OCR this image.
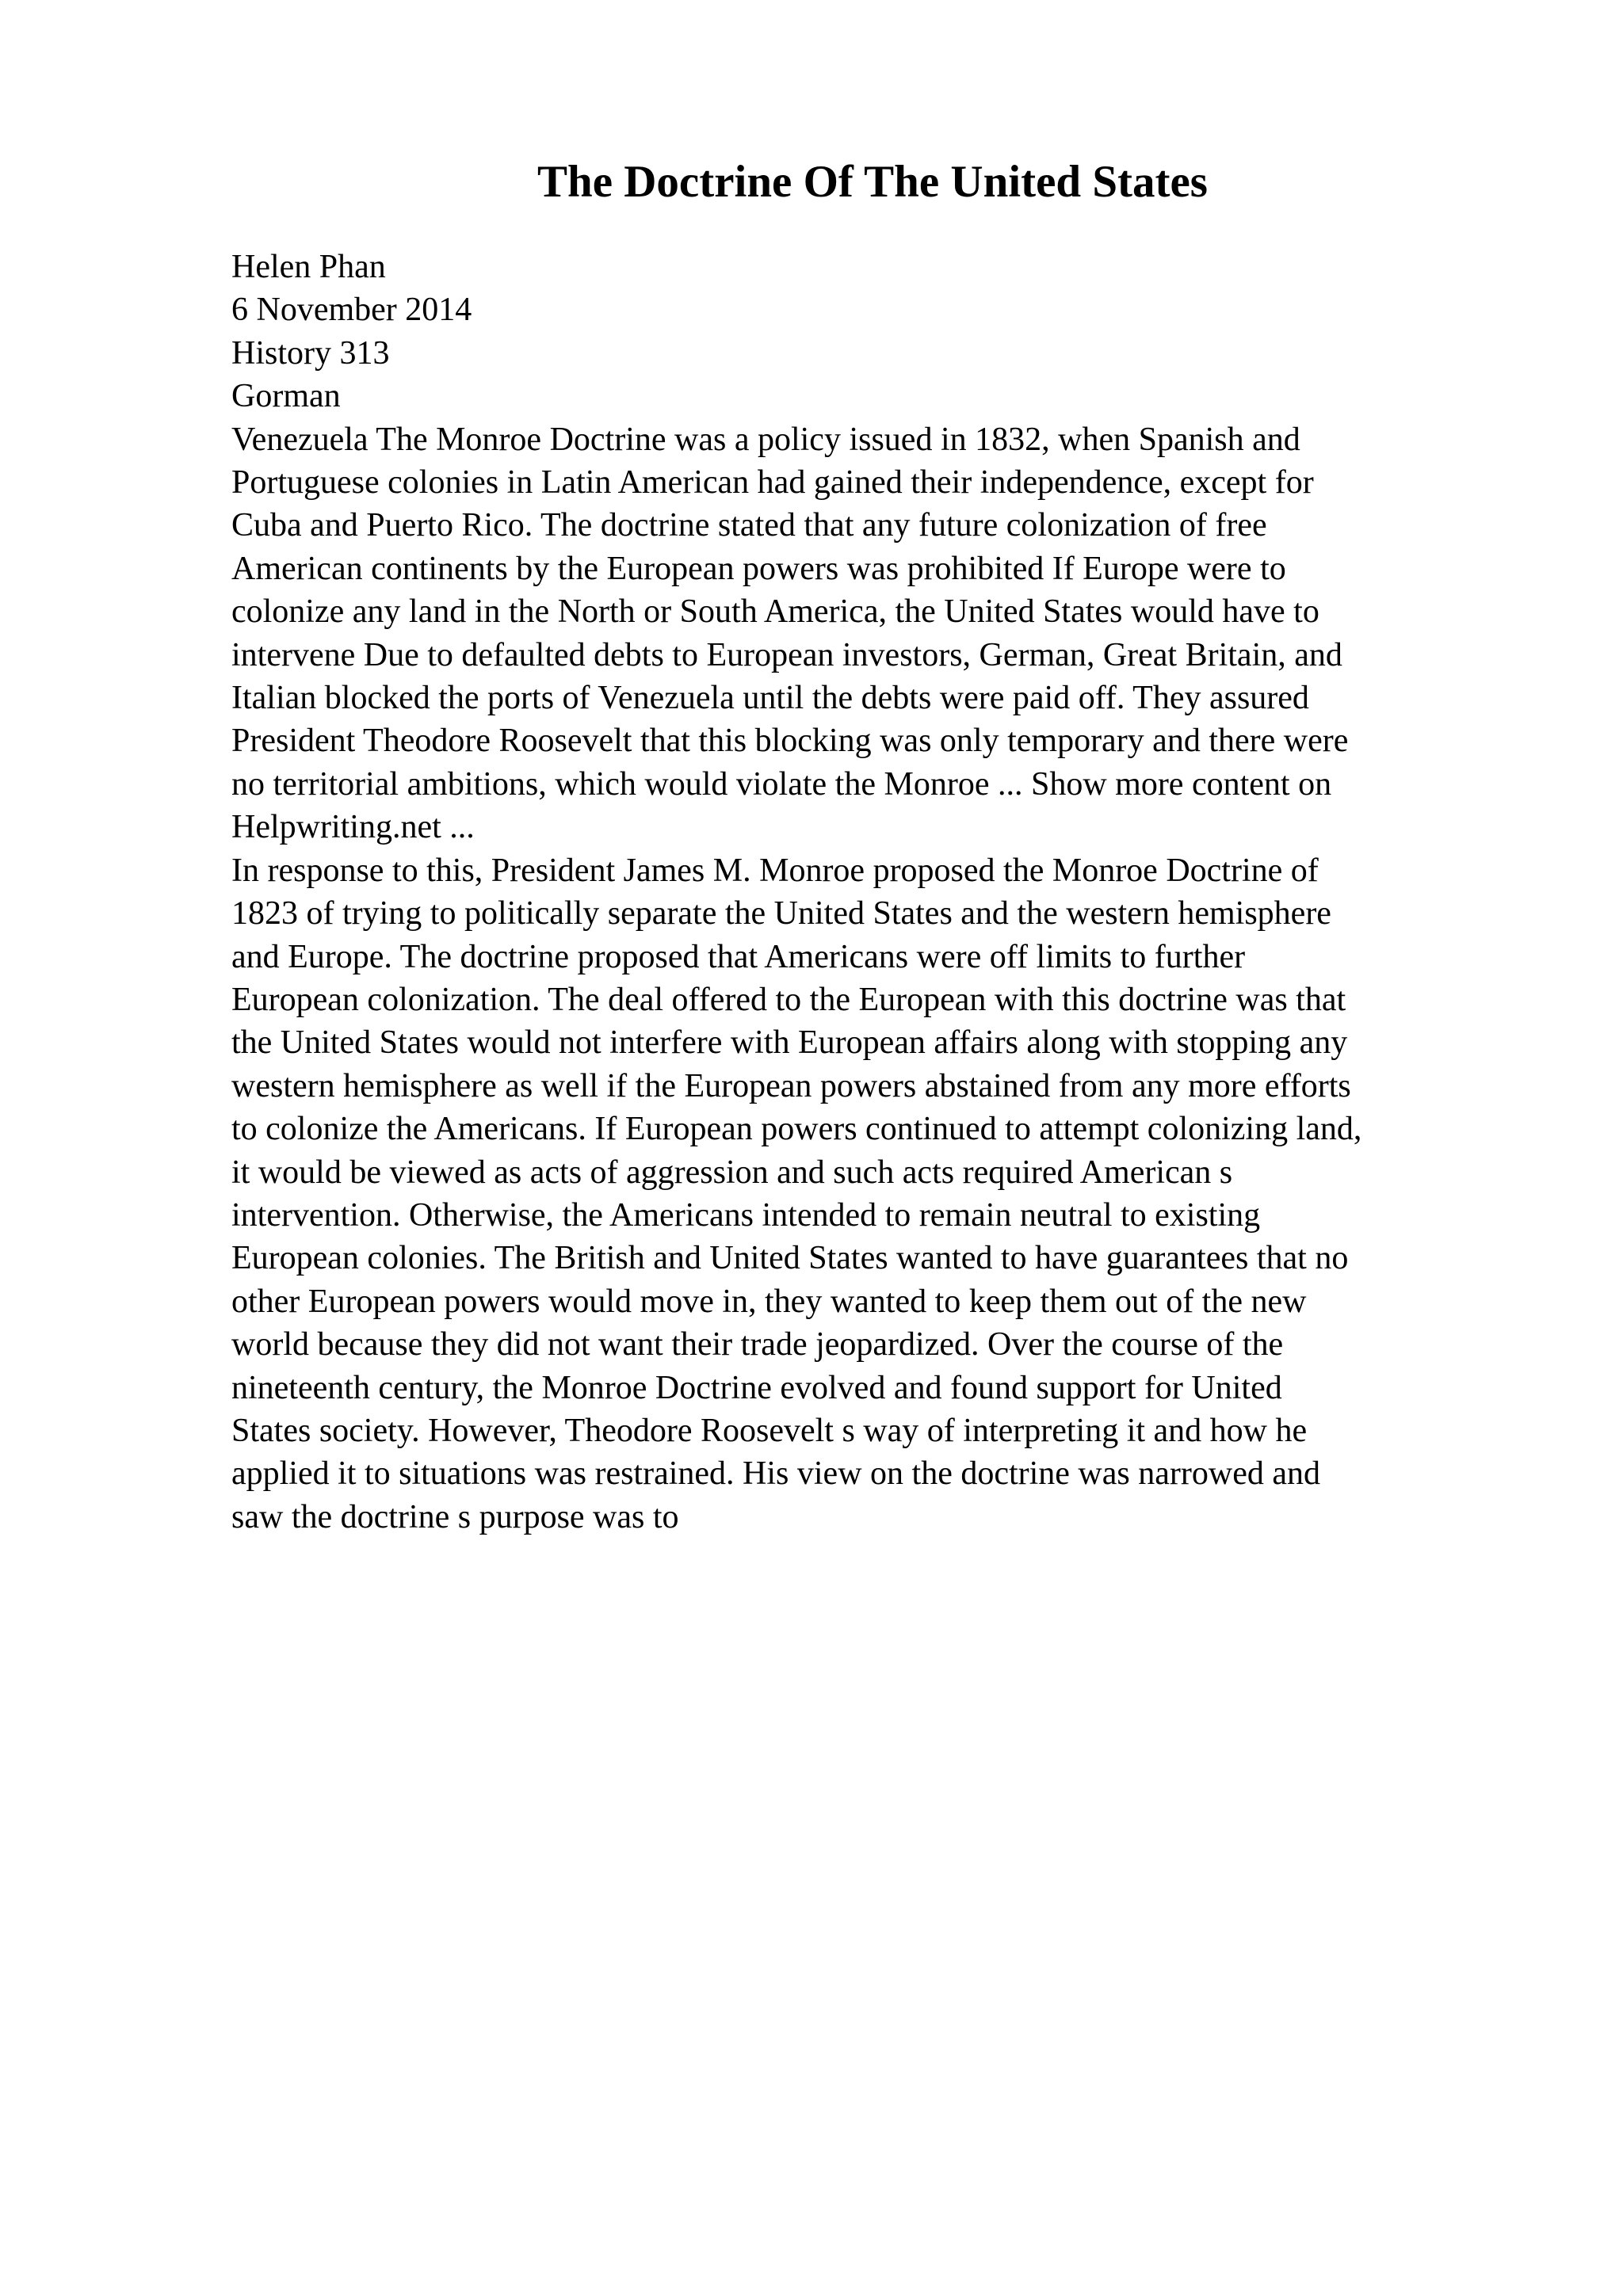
The Doctrine Of The United States
Helen Phan
6 November 2014
History 313
Gorman
Venezuela The Monroe Doctrine was a policy issued in 1832, when Spanish and
Portuguese colonies in Latin American had gained their independence, except for
Cuba and Puerto Rico. The doctrine stated that any future colonization of free
American continents by the European powers was prohibited If Europe were to
colonize any land in the North or South America, the United States would have to
intervene Due to defaulted debts to European investors, German, Great Britain, and
Italian blocked the ports of Venezuela until the debts were paid off. They assured
President Theodore Roosevelt that this blocking was only temporary and there were
no territorial ambitions, which would violate the Monroe ... Show more content on
Helpwriting.net ...
In response to this, President James M. Monroe proposed the Monroe Doctrine of
1823 of trying to politically separate the United States and the western hemisphere
and Europe. The doctrine proposed that Americans were off limits to further
European colonization. The deal offered to the European with this doctrine was that
the United States would not interfere with European affairs along with stopping any
western hemisphere as well if the European powers abstained from any more efforts
to colonize the Americans. If European powers continued to attempt colonizing land,
it would be viewed as acts of aggression and such acts required American s
intervention. Otherwise, the Americans intended to remain neutral to existing
European colonies. The British and United States wanted to have guarantees that no
other European powers would move in, they wanted to keep them out of the new
world because they did not want their trade jeopardized. Over the course of the
nineteenth century, the Monroe Doctrine evolved and found support for United
States society. However, Theodore Roosevelt s way of interpreting it and how he
applied it to situations was restrained. His view on the doctrine was narrowed and
saw the doctrine s purpose was to
